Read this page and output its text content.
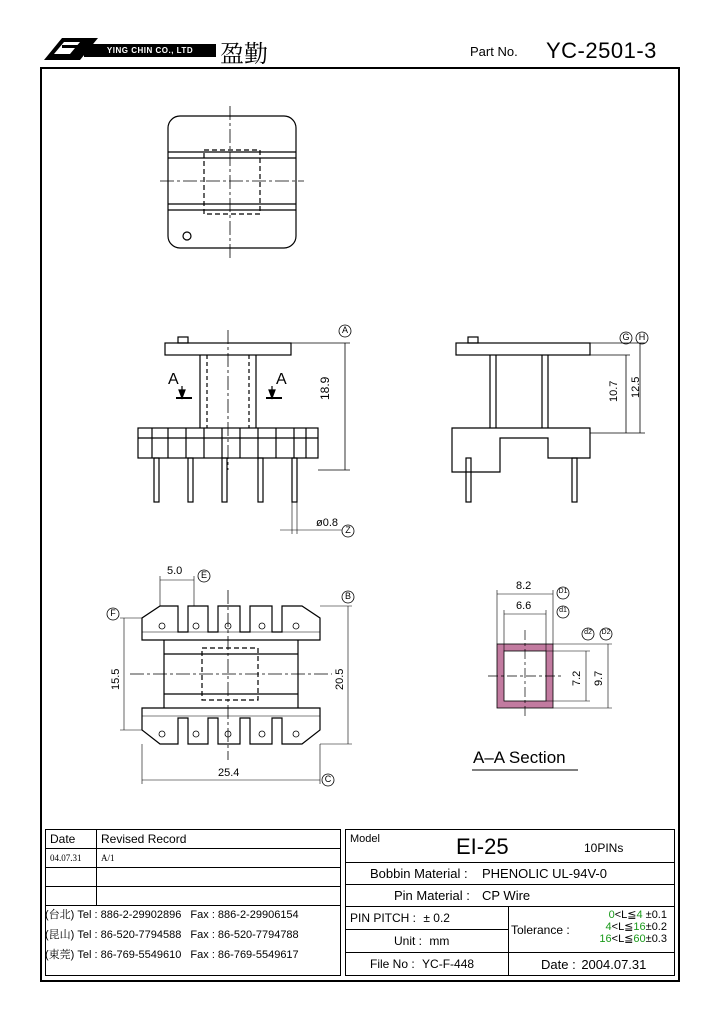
YING CHIN CO., LTD	盈勤	Part No. YC-2501-3
A
G H
Z
E
F
B
C
D1
d1
d2	D2
A	A	18.9
ø0.8
10.7 12.5
5.0
15.5	20.5
25.4
8.2
6.6
7.2 9.7
A–A Section
Date	Revised Record
04.07.31	A/1

(台北) Tel : 886-2-29902896 Fax : 886-2-29906154
(昆山) Tel : 86-520-7794588 Fax : 86-520-7794788
(東莞) Tel : 86-769-5549610 Fax : 86-769-5549617
Model	EI-25	10PINs
Bobbin Material : PHENOLIC UL-94V-0
Pin Material : CP Wire
PIN PITCH : ± 0.2
Unit : mm
File No : YC-F-448
Tolerance :
0<L≦4 ±0.1
4<L≦16±0.2
16<L≦60±0.3
Date : 2004.07.31
